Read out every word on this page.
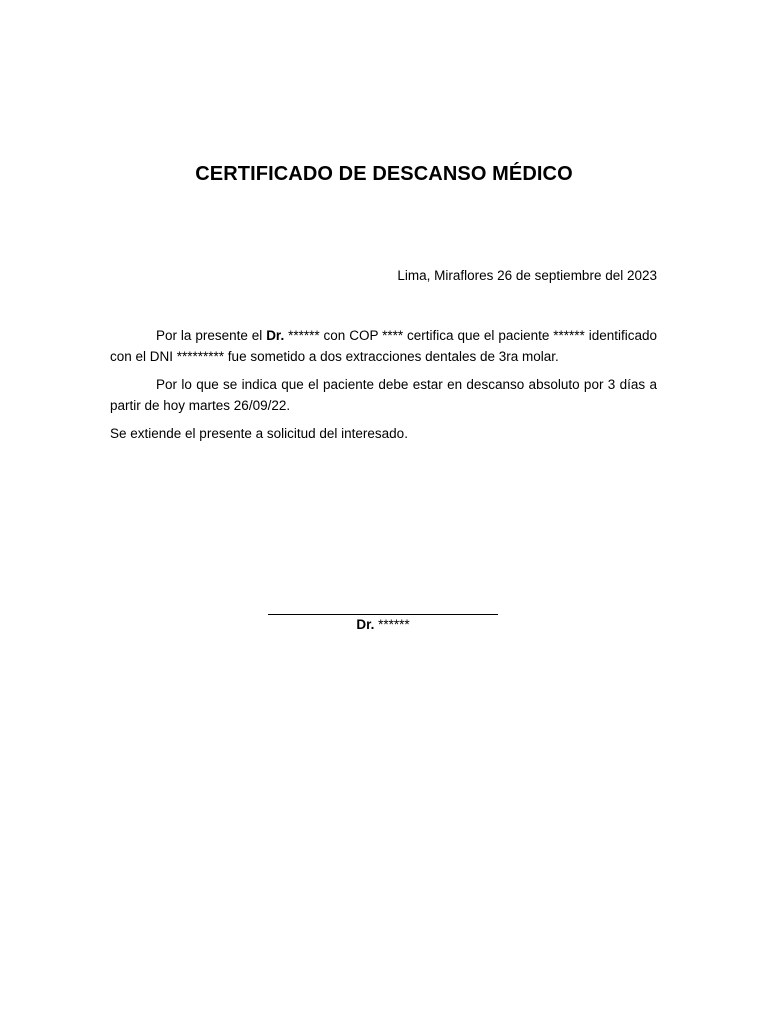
CERTIFICADO DE DESCANSO MÉDICO
Lima, Miraflores 26 de septiembre del 2023

Por la presente el Dr. ****** con COP **** certifica que el paciente ****** identificado con el DNI ********* fue sometido a dos extracciones dentales de 3ra molar.

Por lo que se indica que el paciente debe estar en descanso absoluto por 3 días a partir de hoy martes 26/09/22.

Se extiende el presente a solicitud del interesado.

Dr. ******
